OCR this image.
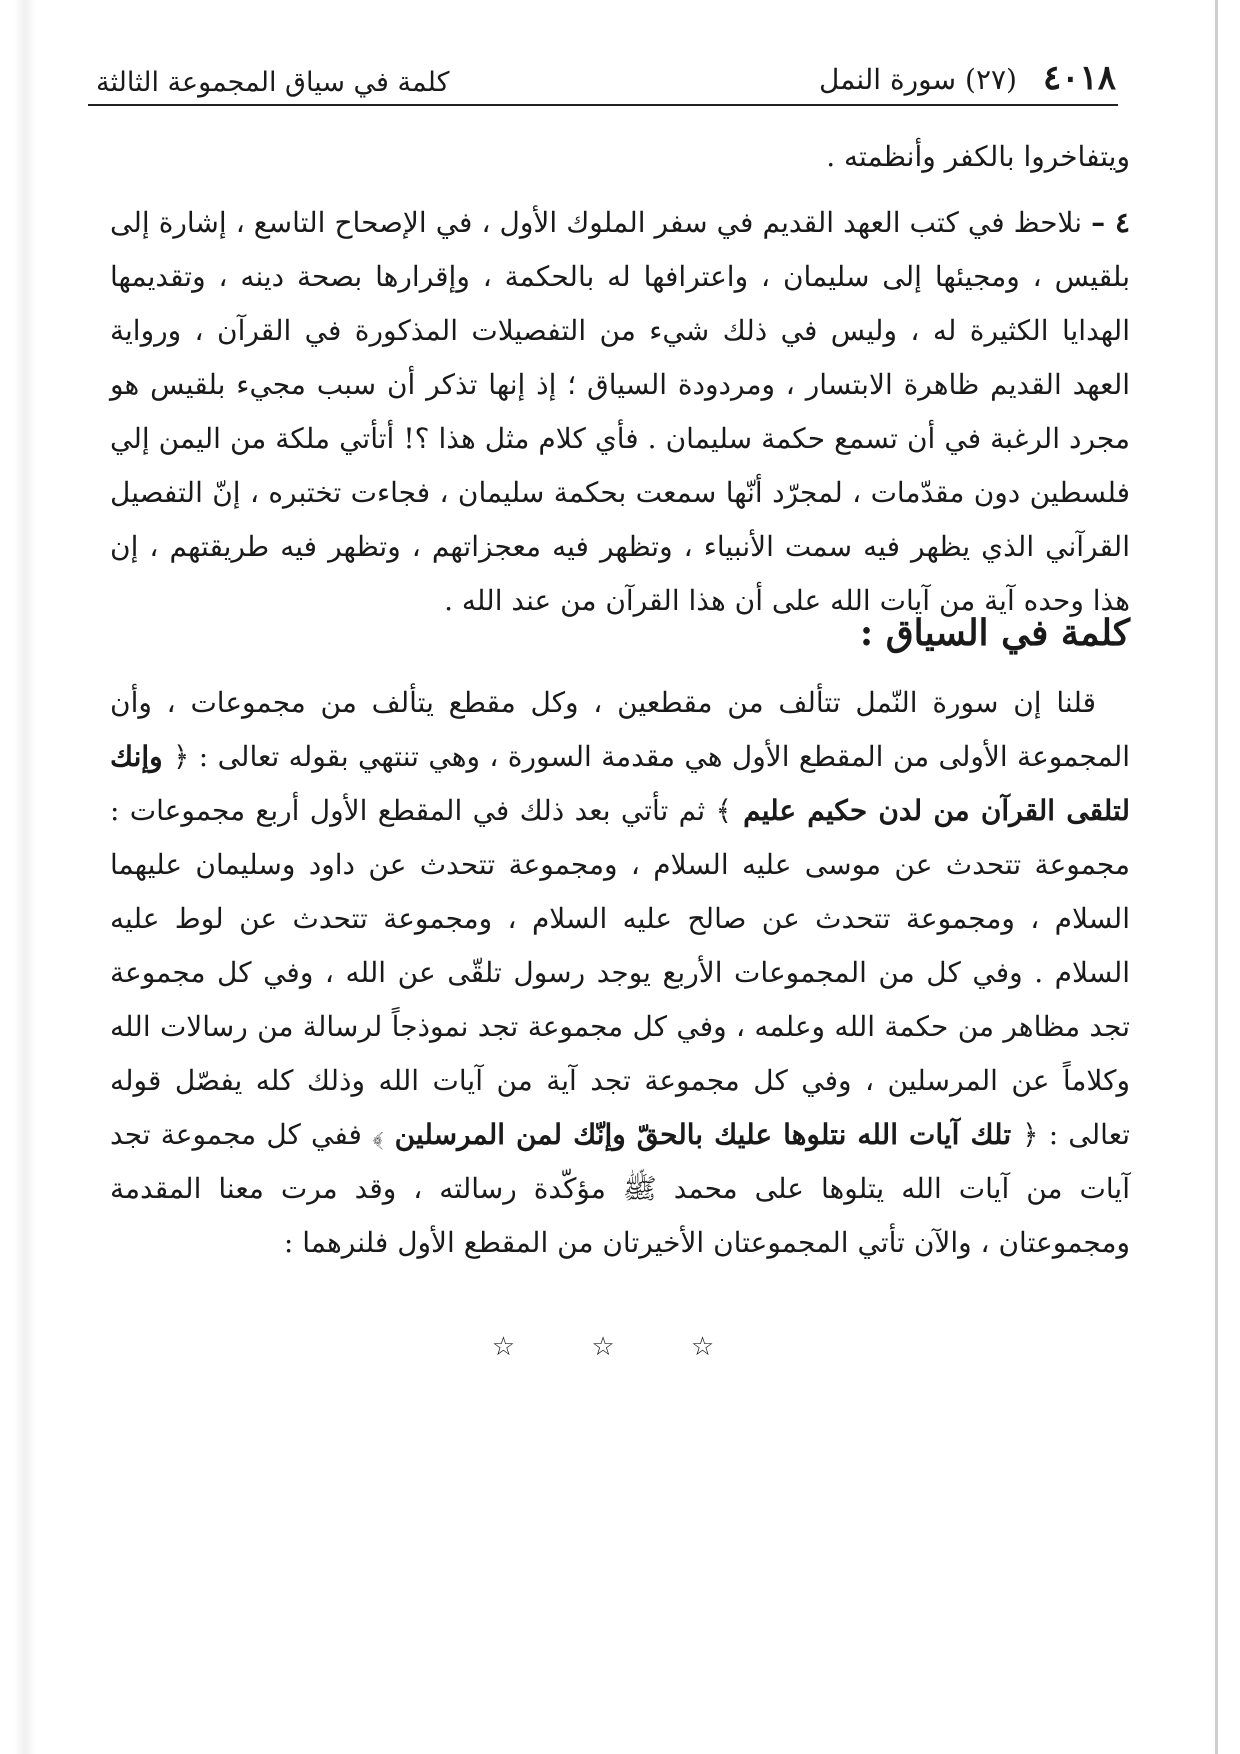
٤٠١٨
(٢٧) سورة النمل
كلمة في سياق المجموعة الثالثة
ويتفاخروا بالكفر وأنظمته .
٤ – نلاحظ في كتب العهد القديم في سفر الملوك الأول ، في الإصحاح التاسع ، إشارة إلى بلقيس ، ومجيئها إلى سليمان ، واعترافها له بالحكمة ، وإقرارها بصحة دينه ، وتقديمها الهدايا الكثيرة له ، وليس في ذلك شيء من التفصيلات المذكورة في القرآن ، ورواية العهد القديم ظاهرة الابتسار ، ومردودة السياق ؛ إذ إنها تذكر أن سبب مجيء بلقيس هو مجرد الرغبة في أن تسمع حكمة سليمان . فأي كلام مثل هذا ؟! أتأتي ملكة من اليمن إلي فلسطين دون مقدّمات ، لمجرّد أنّها سمعت بحكمة سليمان ، فجاءت تختبره ، إنّ التفصيل القرآني الذي يظهر فيه سمت الأنبياء ، وتظهر فيه معجزاتهم ، وتظهر فيه طريقتهم ، إن هذا وحده آية من آيات الله على أن هذا القرآن من عند الله .
كلمة في السياق :
قلنا إن سورة النّمل تتألف من مقطعين ، وكل مقطع يتألف من مجموعات ، وأن المجموعة الأولى من المقطع الأول هي مقدمة السورة ، وهي تنتهي بقوله تعالى : ﴿ وإنك لتلقى القرآن من لدن حكيم عليم ﴾ ثم تأتي بعد ذلك في المقطع الأول أربع مجموعات : مجموعة تتحدث عن موسى عليه السلام ، ومجموعة تتحدث عن داود وسليمان عليهما السلام ، ومجموعة تتحدث عن صالح عليه السلام ، ومجموعة تتحدث عن لوط عليه السلام . وفي كل من المجموعات الأربع يوجد رسول تلقّى عن الله ، وفي كل مجموعة تجد مظاهر من حكمة الله وعلمه ، وفي كل مجموعة تجد نموذجاً لرسالة من رسالات الله وكلاماً عن المرسلين ، وفي كل مجموعة تجد آية من آيات الله وذلك كله يفصّل قوله تعالى : ﴿ تلك آيات الله نتلوها عليك بالحقّ وإنّك لمن المرسلين ﴾ ففي كل مجموعة تجد آيات من آيات الله يتلوها على محمد ﷺ مؤكّدة رسالته ، وقد مرت معنا المقدمة ومجموعتان ، والآن تأتي المجموعتان الأخيرتان من المقطع الأول فلنرهما :
☆ ☆ ☆
